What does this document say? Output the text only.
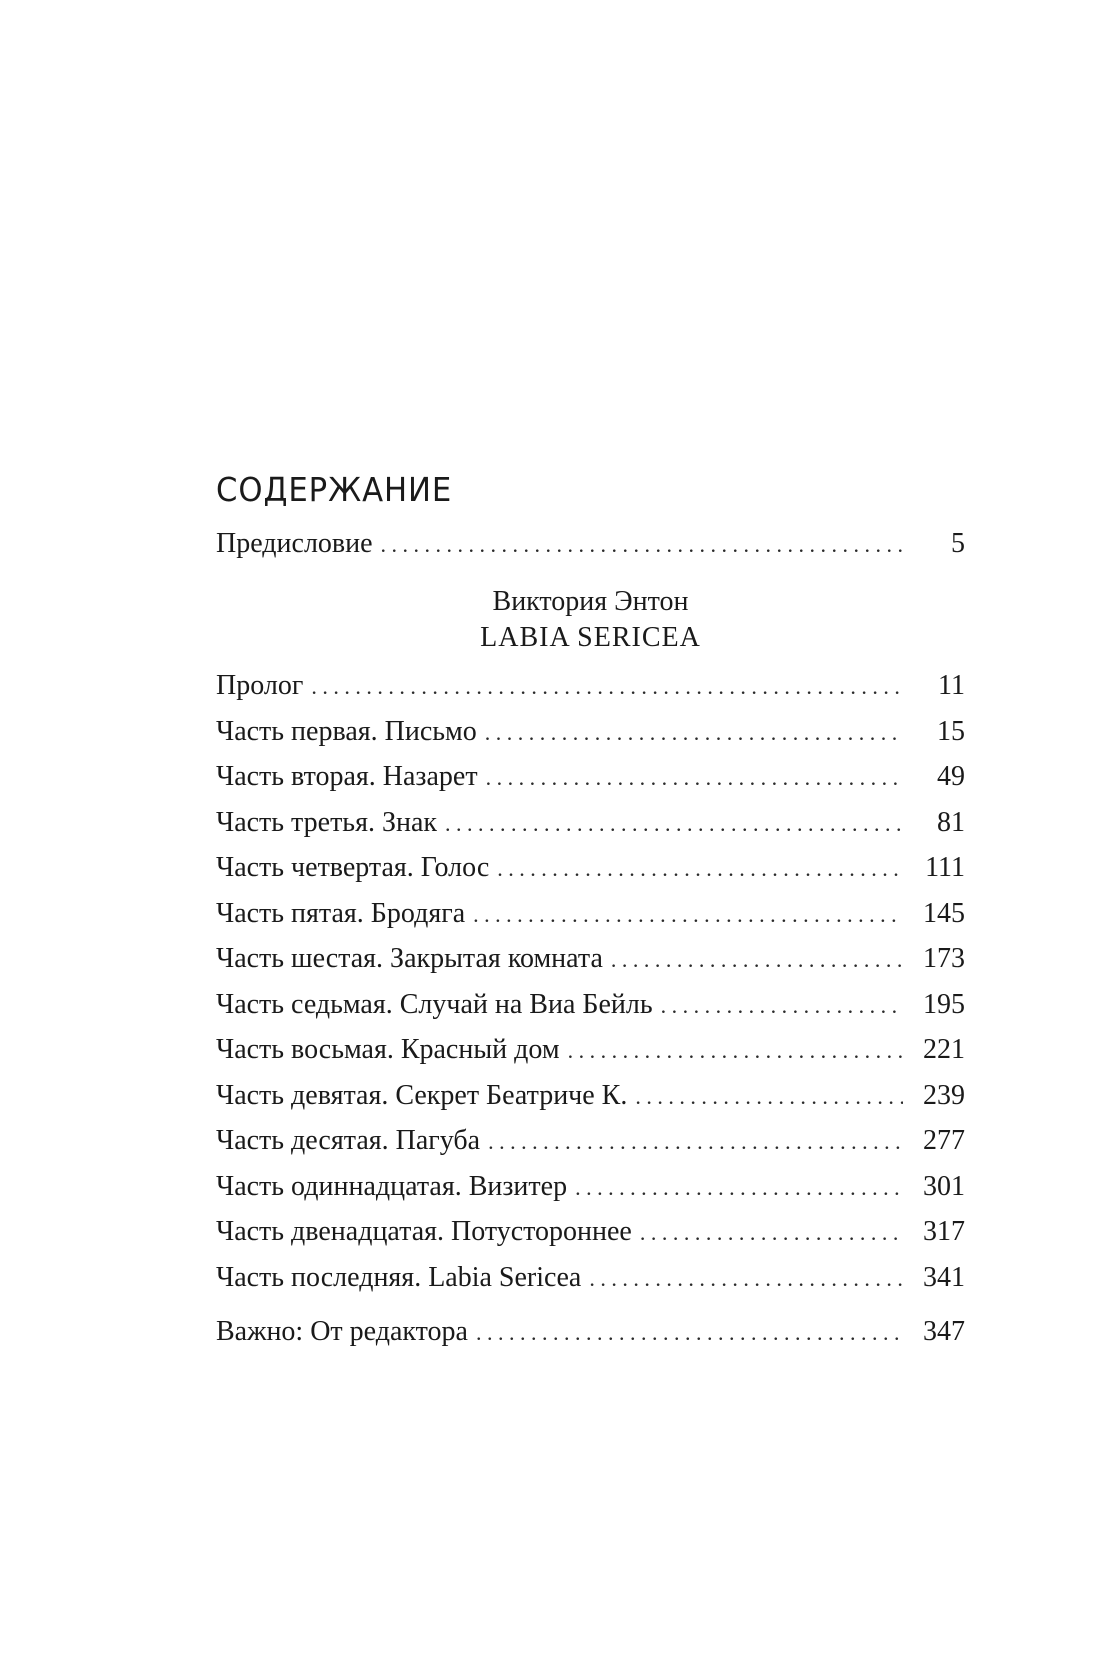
СОДЕРЖАНИЕ
Предисловие . . .	5
Виктория Энтон
LABIA SERICEA
Пролог . . .	11
Часть первая. Письмо . . .	15
Часть вторая. Назарет . . .	49
Часть третья. Знак . . .	81
Часть четвертая. Голос . . .	111
Часть пятая. Бродяга . . .	145
Часть шестая. Закрытая комната . . .	173
Часть седьмая. Случай на Виа Бейль . . .	195
Часть восьмая. Красный дом . . .	221
Часть девятая. Секрет Беатриче К. . . .	239
Часть десятая. Пагуба . . .	277
Часть одиннадцатая. Визитер . . .	301
Часть двенадцатая. Потустороннее . . .	317
Часть последняя. Labia Sericea . . .	341
Важно: От редактора . . .	347
